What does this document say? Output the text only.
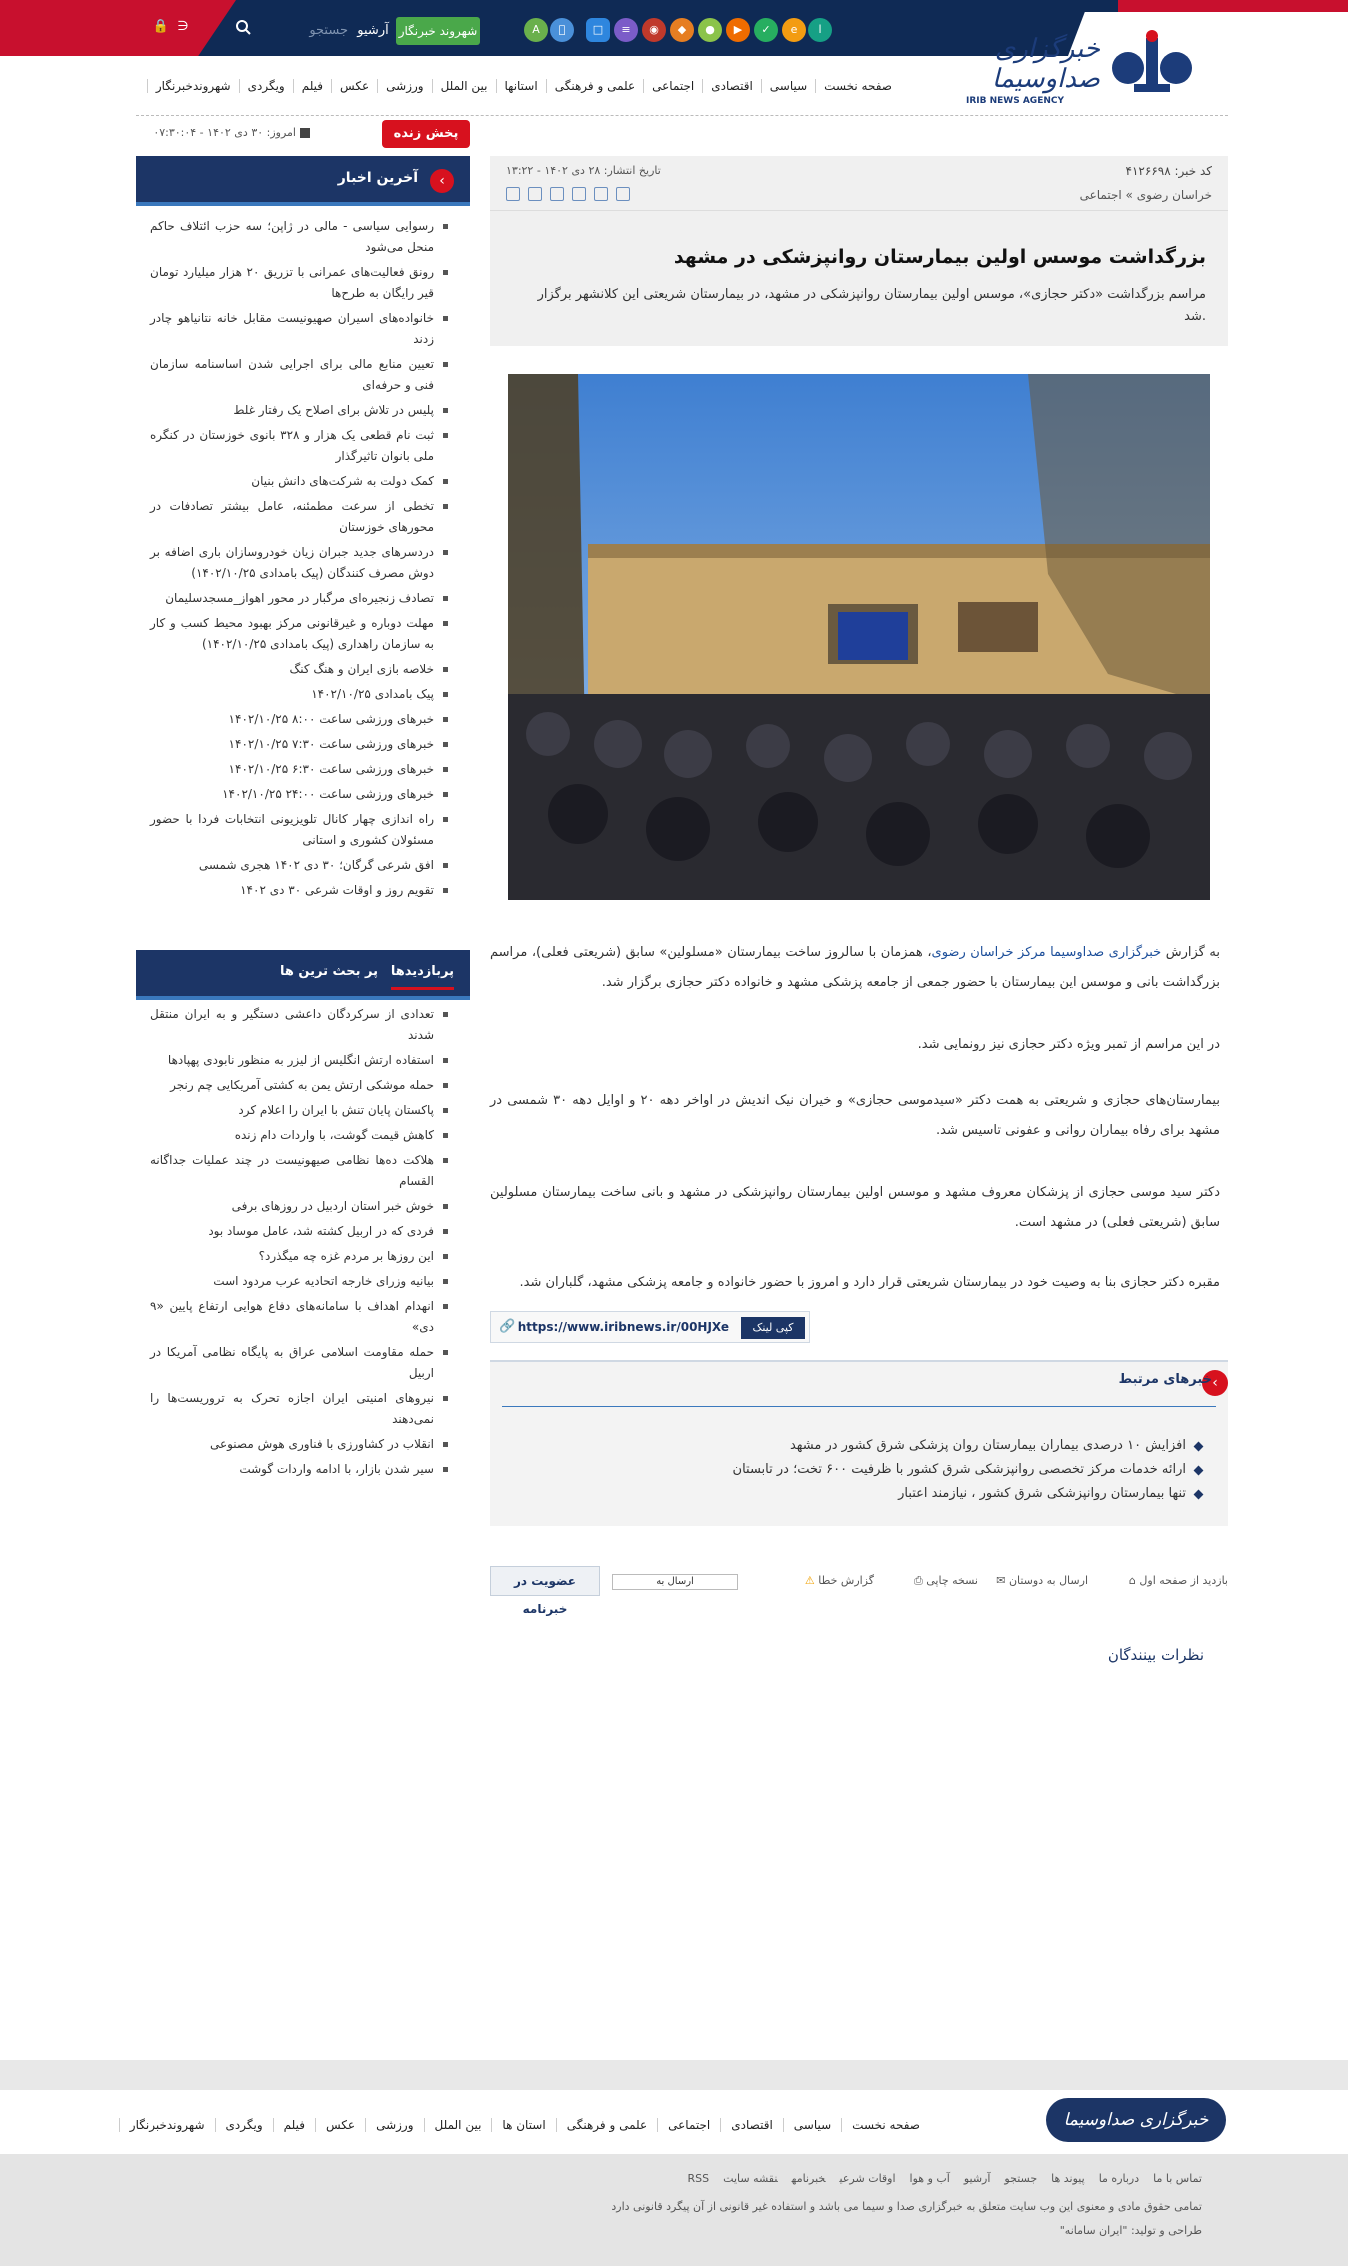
🔒 ∋	جستجو آرشیو شهروند خبرنگار	A	□	≡	◉	◆	●	▶	✓	e	ا
خبرگزاری صداوسیما
IRIB NEWS AGENCY
صفحه نخست
سیاسی
اقتصادی
اجتماعی
علمی و فرهنگی
استانها
بین الملل
ورزشی
عکس
فیلم
ویگردی
شهروندخبرنگار
پخش زنده
امروز: ۳۰ دی ۱۴۰۲ - ۰۷:۳۰:۰۴
‹
آخرین اخبار
رسوایی سیاسی - مالی در ژاپن؛ سه حزب ائتلاف حاکم منحل می‌شود
رونق فعالیت‌های عمرانی با تزریق ۲۰ هزار میلیارد تومان قیر رایگان به طرح‌ها
خانواده‌های اسیران صهیونیست مقابل خانه نتانیاهو چادر زدند
تعیین منابع مالی برای اجرایی شدن اساسنامه سازمان فنی و حرفه‌ای
پلیس در تلاش برای اصلاح یک رفتار غلط
ثبت نام قطعی یک هزار و ۳۲۸ بانوی خوزستان در کنگره ملی بانوان تاثیرگذار
کمک دولت به شرکت‌های دانش بنیان
تخطی از سرعت مطمئنه، عامل بیشتر تصادفات در محورهای خوزستان
دردسرهای جدید جبران زیان خودروسازان باری اضافه بر دوش مصرف کنندگان (پیک بامدادی ۱۴۰۲/۱۰/۲۵)
تصادف زنجیره‌ای مرگبار در محور اهواز_مسجدسلیمان
مهلت دوباره و غیرقانونی مرکز بهبود محیط کسب و کار به سازمان راهداری (پیک بامدادی ۱۴۰۲/۱۰/۲۵)
خلاصه بازی ایران و هنگ کنگ
پیک بامدادی ۱۴۰۲/۱۰/۲۵
خبرهای ورزشی ساعت ۸:۰۰ ۱۴۰۲/۱۰/۲۵
خبرهای ورزشی ساعت ۷:۳۰ ۱۴۰۲/۱۰/۲۵
خبرهای ورزشی ساعت ۶:۳۰ ۱۴۰۲/۱۰/۲۵
خبرهای ورزشی ساعت ۲۴:۰۰ ۱۴۰۲/۱۰/۲۵
راه اندازی چهار کانال تلویزیونی انتخابات فردا با حضور مسئولان کشوری و استانی
افق شرعی گرگان؛ ۳۰ دی ۱۴۰۲ هجری شمسی
تقویم روز و اوقات شرعی ۳۰ دی ۱۴۰۲
پربازدیدها
پر بحث ترین ها
تعدادی از سرکردگان داعشی دستگیر و به ایران منتقل شدند
استفاده ارتش انگلیس از لیزر به منظور نابودی پهپادها
حمله موشکی ارتش یمن به کشتی آمریکایی چم رنجر
پاکستان پایان تنش با ایران را اعلام کرد
کاهش قیمت گوشت، با واردات دام زنده
هلاکت ده‌ها نظامی صیهونیست در چند عملیات جداگانه القسام
خوش خبر استان اردبیل در روزهای برفی
فردی که در اربیل کشته شد، عامل موساد بود
این روزها بر مردم غزه چه میگذرد؟
بیانیه وزرای خارجه اتحادیه عرب مردود است
انهدام اهداف با سامانه‌های دفاع هوایی ارتفاع پایین «۹ دی»
حمله مقاومت اسلامی عراق به پایگاه نظامی آمریکا در اربیل
نیروهای امنیتی ایران اجازه تحرک به تروریست‌ها را نمی‌دهند
انقلاب در کشاورزی با فناوری هوش مصنوعی
سیر شدن بازار، با ادامه واردات گوشت
کد خبر: ۴۱۲۶۶۹۸
تاریخ انتشار: ۲۸ دی ۱۴۰۲ - ۱۳:۲۲
خراسان رضوی » اجتماعی
بزرگداشت موسس اولین بیمارستان روانپزشکی در مشهد
مراسم بزرگداشت «دکتر حجازی»، موسس اولین بیمارستان روانپزشکی در مشهد، در بیمارستان شریعتی این کلانشهر برگزار شد.
به گزارش خبرگزاری صداوسیما مرکز خراسان رضوی، همزمان با سالروز ساخت بیمارستان «مسلولین» سابق (شریعتی فعلی)، مراسم بزرگداشت بانی و موسس این بیمارستان با حضور جمعی از جامعه پزشکی مشهد و خانواده دکتر حجازی برگزار شد.
در این مراسم از تمبر ویژه دکتر حجازی نیز رونمایی شد.
بیمارستان‌های حجازی و شریعتی به همت دکتر «سیدموسی حجازی» و خیران نیک اندیش در اواخر دهه ۲۰ و اوایل دهه ۳۰ شمسی در مشهد برای رفاه بیماران روانی و عفونی تاسیس شد.
دکتر سید موسی حجازی از پزشکان معروف مشهد و موسس اولین بیمارستان روانپزشکی در مشهد و بانی ساخت بیمارستان مسلولین سابق (شریعتی فعلی) در مشهد است.
مقبره دکتر حجازی بنا به وصیت خود در بیمارستان شریعتی قرار دارد و امروز با حضور خانواده و جامعه پزشکی مشهد، گلباران شد.
کپی لینک
https://www.iribnews.ir/00HJXe
🔗
‹
خبرهای مرتبط
افزایش ۱۰ درصدی بیماران بیمارستان روان پزشکی شرق کشور در مشهد
ارائه خدمات مرکز تخصصی روانپزشکی شرق کشور با ظرفیت ۶۰۰ تخت؛ در تابستان
تنها بیمارستان روانپزشکی شرق کشور ، نیازمند اعتبار
⌂ بازدید از صفحه اول
✉ ارسال به دوستان
⎙ نسخه چاپی
⚠ گزارش خطا
ارسال به
عضویت در خبرنامه
نظرات بینندگان
خبرگزاری صداوسیما
صفحه نخست
سیاسی
اقتصادی
اجتماعی
علمی و فرهنگی
استان ها
بین الملل
ورزشی
عکس
فیلم
ویگردی
شهروندخبرنگار
تماس با مادرباره ماپیوند هاجستجوآرشیوآب و هوااوقات شرعیخبرنامهنقشه سایتRSS
تمامی حقوق مادی و معنوی این وب سایت متعلق به خبرگزاری صدا و سیما می باشد و استفاده غیر قانونی از آن پیگرد قانونی دارد
طراحی و تولید: "ایران سامانه"
